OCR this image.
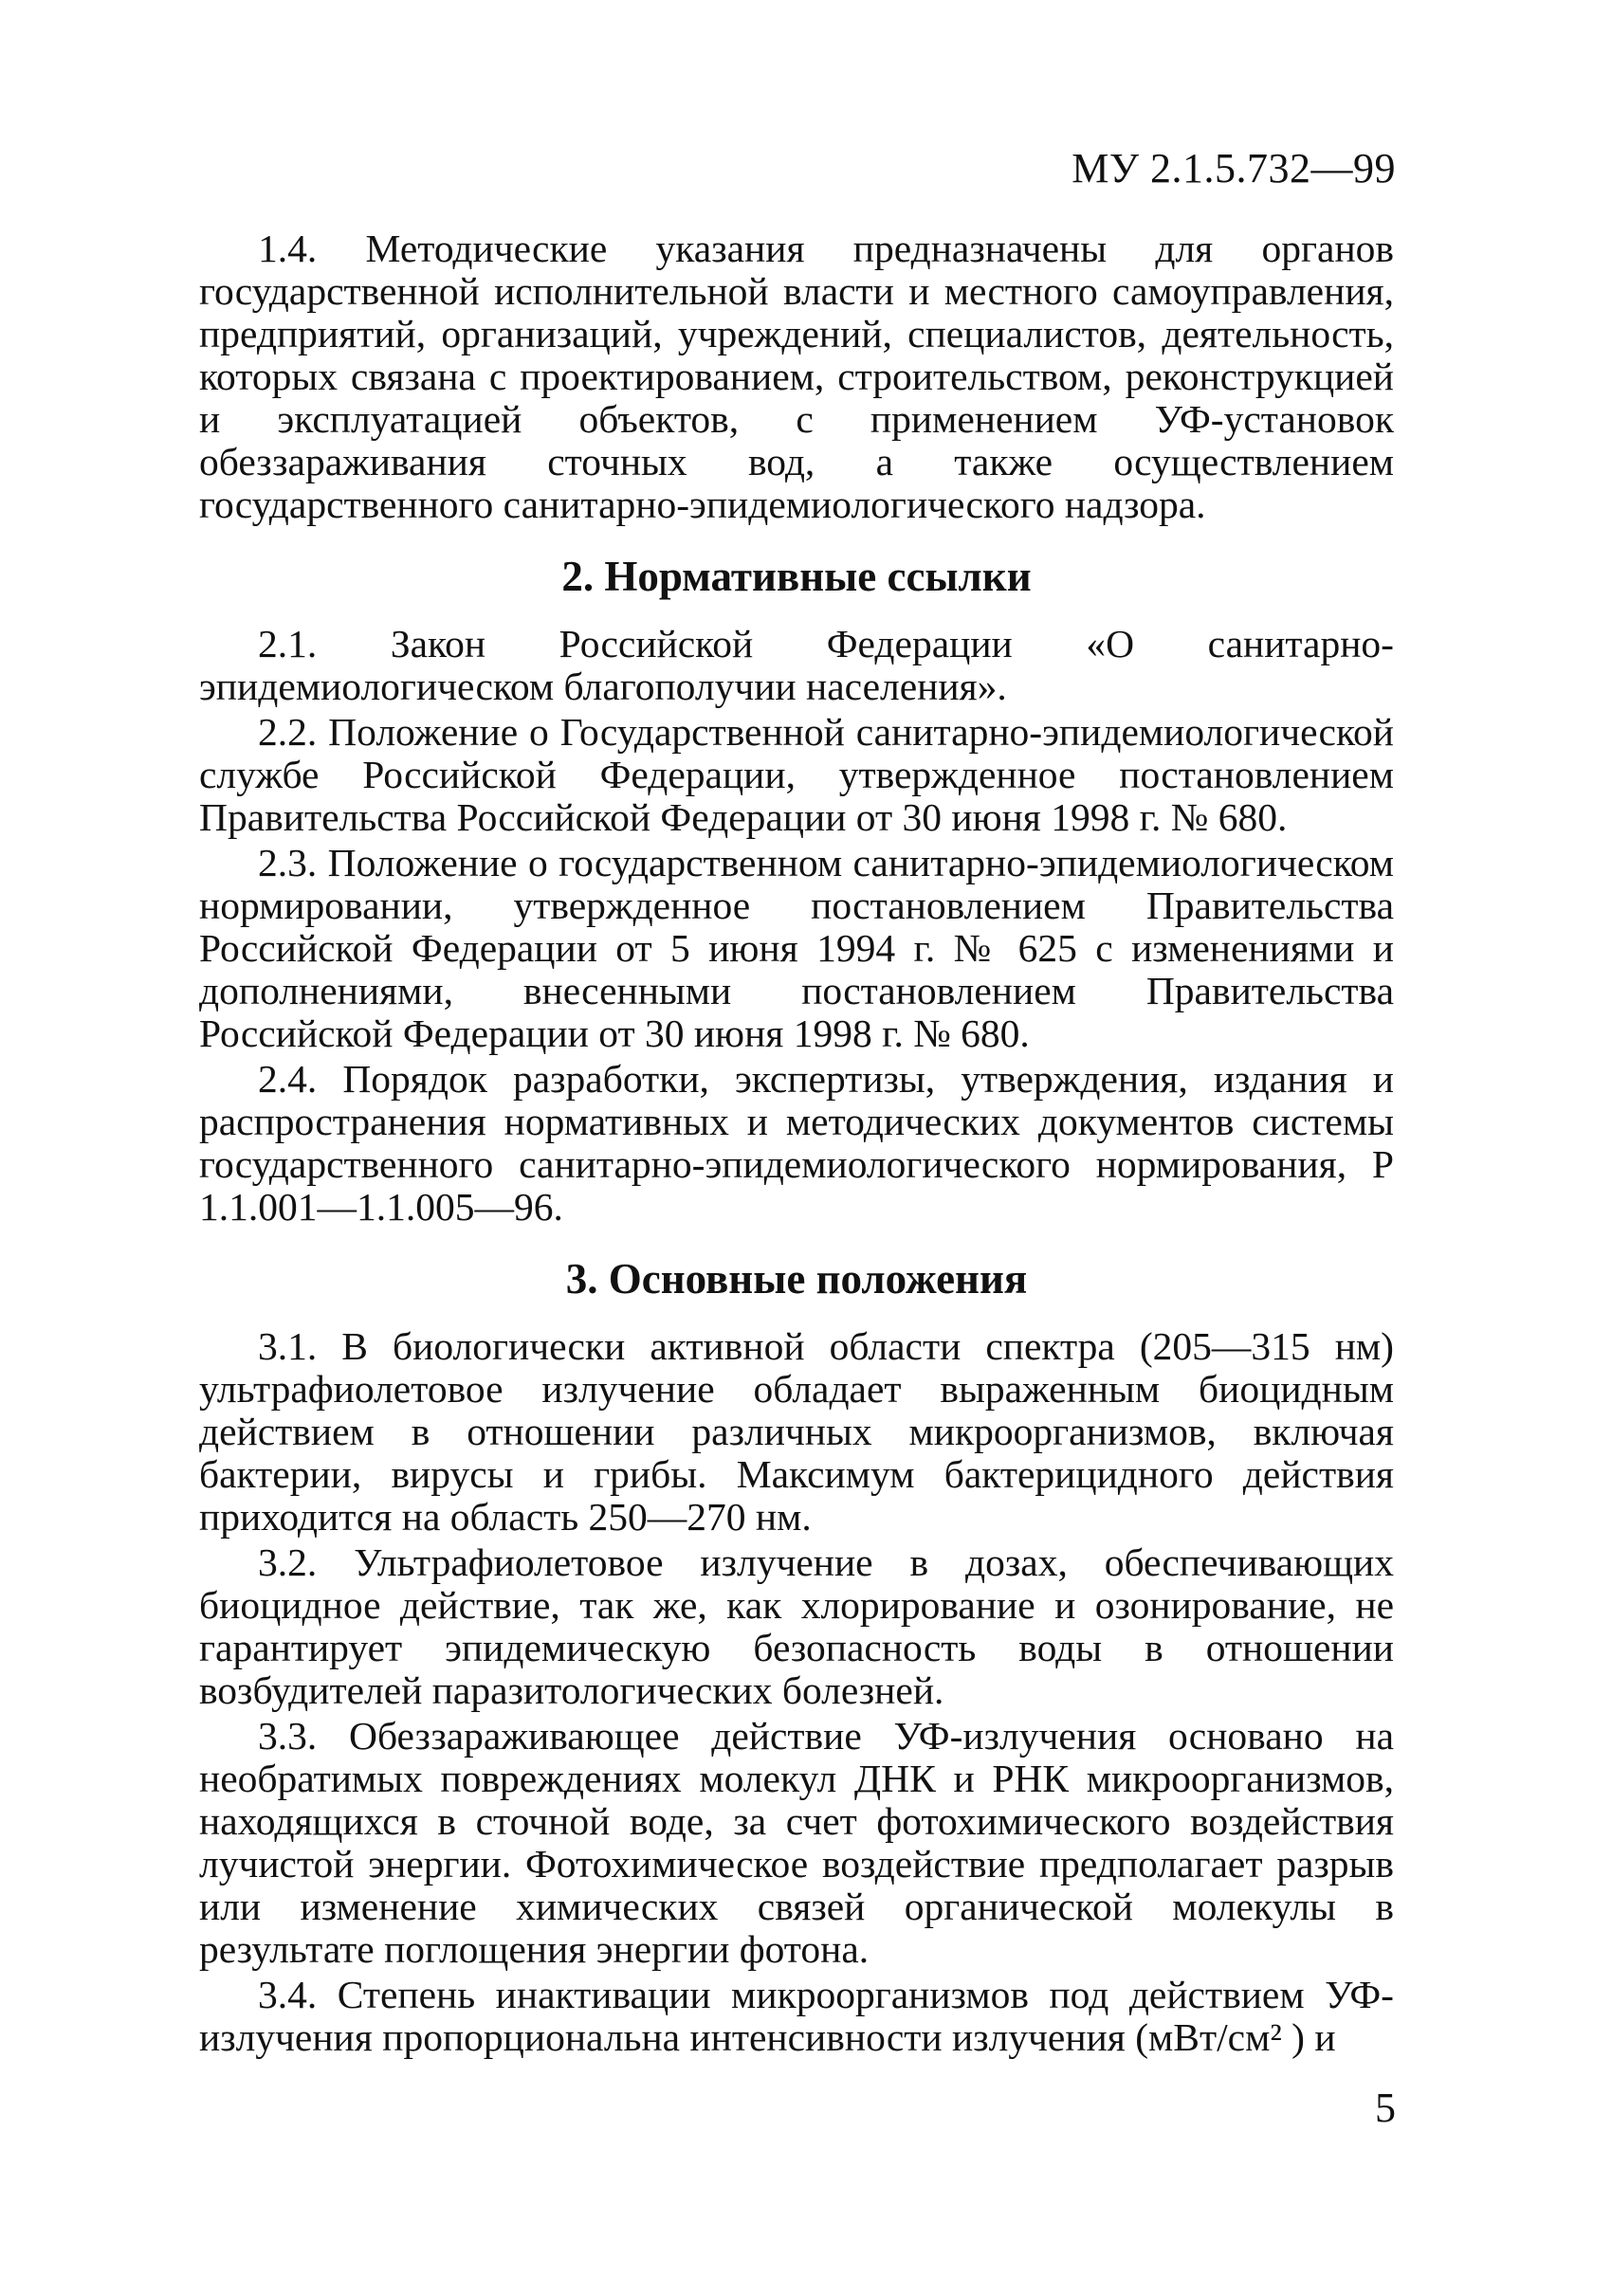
МУ 2.1.5.732—99

1.4. Методические указания предназначены для органов государственной исполнительной власти и местного самоуправления, предприятий, организаций, учреждений, специалистов, деятельность, которых связана с проектированием, строительством, реконструкцией и эксплуатацией объектов, с применением УФ-установок обеззараживания сточных вод, а также осуществлением государственного санитарно-эпидемиологического надзора.

2. Нормативные ссылки

2.1. Закон Российской Федерации «О санитарно-эпидемиологическом благополучии населения».

2.2. Положение о Государственной санитарно-эпидемиологической службе Российской Федерации, утвержденное постановлением Правительства Российской Федерации от 30 июня 1998 г. № 680.

2.3. Положение о государственном санитарно-эпидемиологическом нормировании, утвержденное постановлением Правительства Российской Федерации от 5 июня 1994 г. № 625 с изменениями и дополнениями, внесенными постановлением Правительства Российской Федерации от 30 июня 1998 г. № 680.

2.4. Порядок разработки, экспертизы, утверждения, издания и распространения нормативных и методических документов системы государственного санитарно-эпидемиологического нормирования, Р 1.1.001—1.1.005—96.

3. Основные положения

3.1. В биологически активной области спектра (205—315 нм) ультрафиолетовое излучение обладает выраженным биоцидным действием в отношении различных микроорганизмов, включая бактерии, вирусы и грибы. Максимум бактерицидного действия приходится на область 250—270 нм.

3.2. Ультрафиолетовое излучение в дозах, обеспечивающих биоцидное действие, так же, как хлорирование и озонирование, не гарантирует эпидемическую безопасность воды в отношении возбудителей паразитологических болезней.

3.3. Обеззараживающее действие УФ-излучения основано на необратимых повреждениях молекул ДНК и РНК микроорганизмов, находящихся в сточной воде, за счет фотохимического воздействия лучистой энергии. Фотохимическое воздействие предполагает разрыв или изменение химических связей органической молекулы в результате поглощения энергии фотона.

3.4. Степень инактивации микроорганизмов под действием УФ-излучения пропорциональна интенсивности излучения (мВт/см² ) и

5
